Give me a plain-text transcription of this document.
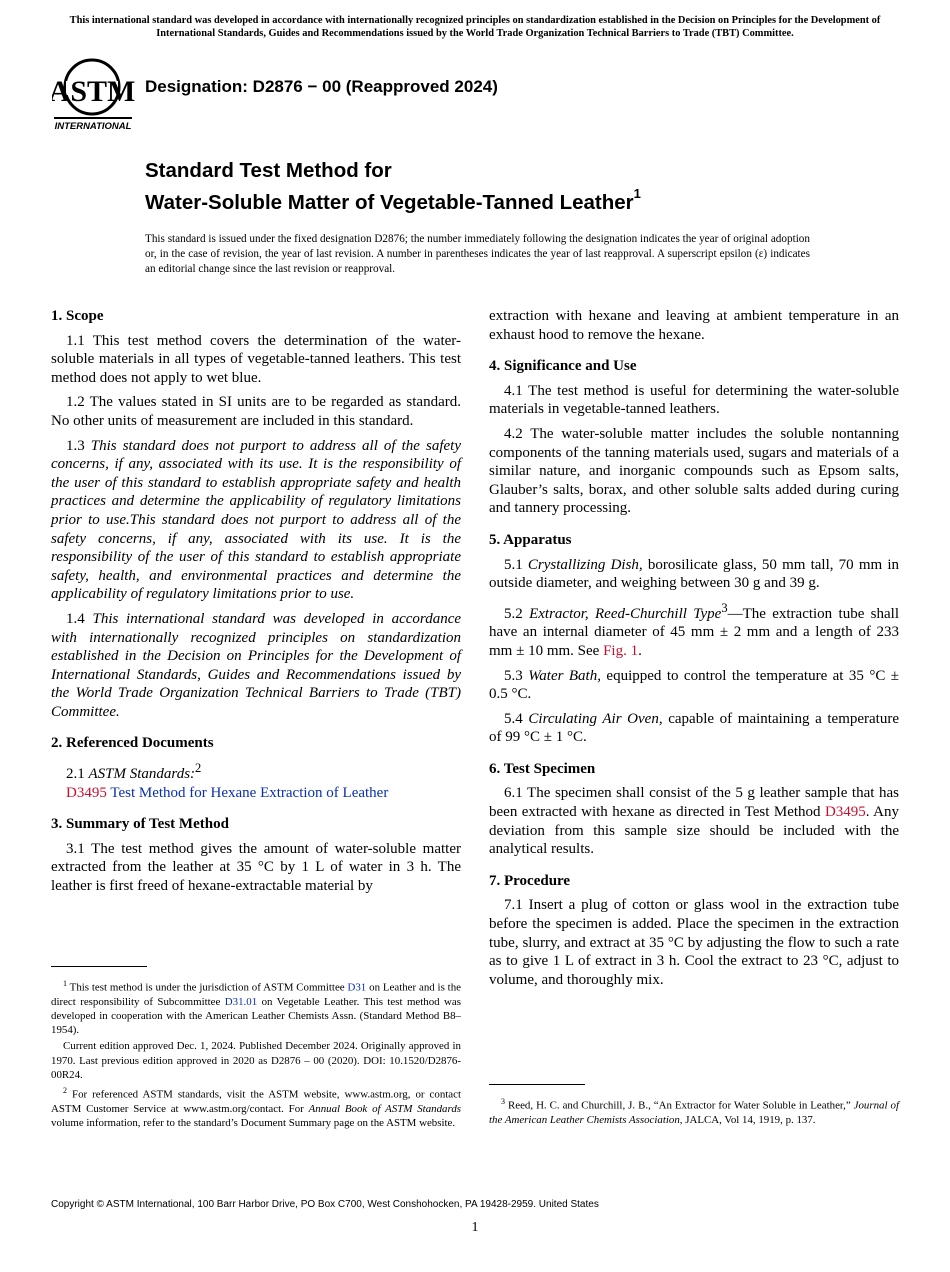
This international standard was developed in accordance with internationally recognized principles on standardization established in the Decision on Principles for the Development of International Standards, Guides and Recommendations issued by the World Trade Organization Technical Barriers to Trade (TBT) Committee.
ASTM
INTERNATIONAL
Designation: D2876 − 00 (Reapproved 2024)
Standard Test Method for
Water-Soluble Matter of Vegetable-Tanned Leather$^1$
This standard is issued under the fixed designation D2876; the number immediately following the designation indicates the year of original adoption or, in the case of revision, the year of last revision. A number in parentheses indicates the year of last reapproval. A superscript epsilon (ε) indicates an editorial change since the last revision or reapproval.
1. Scope

1.1 This test method covers the determination of the water-soluble materials in all types of vegetable-tanned leathers. This test method does not apply to wet blue.

1.2 The values stated in SI units are to be regarded as standard. No other units of measurement are included in this standard.

1.3 This standard does not purport to address all of the safety concerns, if any, associated with its use. It is the responsibility of the user of this standard to establish appropriate safety and health practices and determine the applicability of regulatory limitations prior to use.This standard does not purport to address all of the safety concerns, if any, associated with its use. It is the responsibility of the user of this standard to establish appropriate safety, health, and environmental practices and determine the applicability of regulatory limitations prior to use.

1.4 This international standard was developed in accordance with internationally recognized principles on standardization established in the Decision on Principles for the Development of International Standards, Guides and Recommendations issued by the World Trade Organization Technical Barriers to Trade (TBT) Committee.

2. Referenced Documents

2.1 ASTM Standards:$^2$

D3495 Test Method for Hexane Extraction of Leather

3. Summary of Test Method

3.1 The test method gives the amount of water-soluble matter extracted from the leather at 35 °C by 1 L of water in 3 h. The leather is first freed of hexane-extractable material by

extraction with hexane and leaving at ambient temperature in an exhaust hood to remove the hexane.

4. Significance and Use

4.1 The test method is useful for determining the water-soluble materials in vegetable-tanned leathers.

4.2 The water-soluble matter includes the soluble nontanning components of the tanning materials used, sugars and materials of a similar nature, and inorganic compounds such as Epsom salts, Glauber’s salts, borax, and other soluble salts added during curing and tannery processing.

5. Apparatus

5.1 Crystallizing Dish, borosilicate glass, 50 mm tall, 70 mm in outside diameter, and weighing between 30 g and 39 g.

5.2 Extractor, Reed-Churchill Type$^3$—The extraction tube shall have an internal diameter of 45 mm ± 2 mm and a length of 233 mm ± 10 mm. See Fig. 1.

5.3 Water Bath, equipped to control the temperature at 35 °C ± 0.5 °C.

5.4 Circulating Air Oven, capable of maintaining a temperature of 99 °C ± 1 °C.

6. Test Specimen

6.1 The specimen shall consist of the 5 g leather sample that has been extracted with hexane as directed in Test Method D3495. Any deviation from this sample size should be included with the analytical results.

7. Procedure

7.1 Insert a plug of cotton or glass wool in the extraction tube before the specimen is added. Place the specimen in the extraction tube, slurry, and extract at 35 °C by adjusting the flow to such a rate as to give 1 L of extract in 3 h. Cool the extract to 23 °C, adjust to volume, and thoroughly mix.

$^1$ This test method is under the jurisdiction of ASTM Committee D31 on Leather and is the direct responsibility of Subcommittee D31.01 on Vegetable Leather. This test method was developed in cooperation with the American Leather Chemists Assn. (Standard Method B8–1954).

Current edition approved Dec. 1, 2024. Published December 2024. Originally approved in 1970. Last previous edition approved in 2020 as D2876 – 00 (2020). DOI: 10.1520/D2876-00R24.

$^2$ For referenced ASTM standards, visit the ASTM website, www.astm.org, or contact ASTM Customer Service at www.astm.org/contact. For Annual Book of ASTM Standards volume information, refer to the standard’s Document Summary page on the ASTM website.

$^3$ Reed, H. C. and Churchill, J. B., “An Extractor for Water Soluble in Leather,” Journal of the American Leather Chemists Association, JALCA, Vol 14, 1919, p. 137.

Copyright © ASTM International, 100 Barr Harbor Drive, PO Box C700, West Conshohocken, PA 19428-2959. United States
1
